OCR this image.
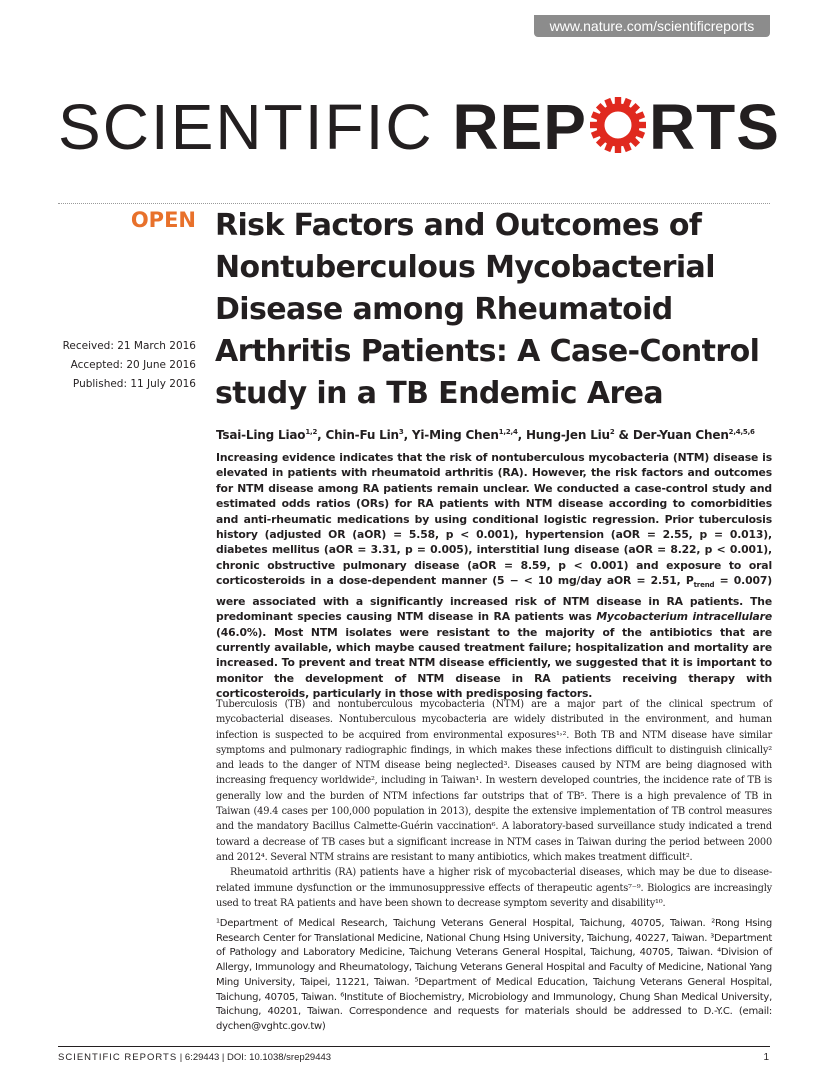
www.nature.com/scientificreports
SCIENTIFIC REP RTS
OPEN
Received: 21 March 2016
Accepted: 20 June 2016
Published: 11 July 2016
Risk Factors and Outcomes of Nontuberculous Mycobacterial Disease among Rheumatoid Arthritis Patients: A Case-Control study in a TB Endemic Area
Tsai-Ling Liao$^{1,2}$, Chin-Fu Lin$^3$, Yi-Ming Chen$^{1,2,4}$, Hung-Jen Liu$^2$ & Der-Yuan Chen$^{2,4,5,6}$
Increasing evidence indicates that the risk of nontuberculous mycobacteria (NTM) disease is elevated in patients with rheumatoid arthritis (RA). However, the risk factors and outcomes for NTM disease among RA patients remain unclear. We conducted a case-control study and estimated odds ratios (ORs) for RA patients with NTM disease according to comorbidities and anti-rheumatic medications by using conditional logistic regression. Prior tuberculosis history (adjusted OR (aOR) = 5.58, p < 0.001), hypertension (aOR = 2.55, p = 0.013), diabetes mellitus (aOR = 3.31, p = 0.005), interstitial lung disease (aOR = 8.22, p < 0.001), chronic obstructive pulmonary disease (aOR = 8.59, p < 0.001) and exposure to oral corticosteroids in a dose-dependent manner (5 − < 10 mg/day aOR = 2.51, $P_{trend} = 0.007$) were associated with a significantly increased risk of NTM disease in RA patients. The predominant species causing NTM disease in RA patients was Mycobacterium intracellulare (46.0%). Most NTM isolates were resistant to the majority of the antibiotics that are currently available, which maybe caused treatment failure; hospitalization and mortality are increased. To prevent and treat NTM disease efficiently, we suggested that it is important to monitor the development of NTM disease in RA patients receiving therapy with corticosteroids, particularly in those with predisposing factors.

Tuberculosis (TB) and nontuberculous mycobacteria (NTM) are a major part of the clinical spectrum of mycobacterial diseases. Nontuberculous mycobacteria are widely distributed in the environment, and human infection is suspected to be acquired from environmental exposures¹˒². Both TB and NTM disease have similar symptoms and pulmonary radiographic findings, in which makes these infections difficult to distinguish clinically² and leads to the danger of NTM disease being neglected³. Diseases caused by NTM are being diagnosed with increasing frequency worldwide², including in Taiwan¹. In western developed countries, the incidence rate of TB is generally low and the burden of NTM infections far outstrips that of TB⁵. There is a high prevalence of TB in Taiwan (49.4 cases per 100,000 population in 2013), despite the extensive implementation of TB control measures and the mandatory Bacillus Calmette-Guérin vaccination⁶. A laboratory-based surveillance study indicated a trend toward a decrease of TB cases but a significant increase in NTM cases in Taiwan during the period between 2000 and 2012⁴. Several NTM strains are resistant to many antibiotics, which makes treatment difficult².

Rheumatoid arthritis (RA) patients have a higher risk of mycobacterial diseases, which may be due to disease-related immune dysfunction or the immunosuppressive effects of therapeutic agents⁷⁻⁹. Biologics are increasingly used to treat RA patients and have been shown to decrease symptom severity and disability¹⁰.

¹Department of Medical Research, Taichung Veterans General Hospital, Taichung, 40705, Taiwan. ²Rong Hsing Research Center for Translational Medicine, National Chung Hsing University, Taichung, 40227, Taiwan. ³Department of Pathology and Laboratory Medicine, Taichung Veterans General Hospital, Taichung, 40705, Taiwan. ⁴Division of Allergy, Immunology and Rheumatology, Taichung Veterans General Hospital and Faculty of Medicine, National Yang Ming University, Taipei, 11221, Taiwan. ⁵Department of Medical Education, Taichung Veterans General Hospital, Taichung, 40705, Taiwan. ⁶Institute of Biochemistry, Microbiology and Immunology, Chung Shan Medical University, Taichung, 40201, Taiwan. Correspondence and requests for materials should be addressed to D.-Y.C. (email: dychen@vghtc.gov.tw)
SCIENTIFIC REPORTS | 6:29443 | DOI: 10.1038/srep29443	1
